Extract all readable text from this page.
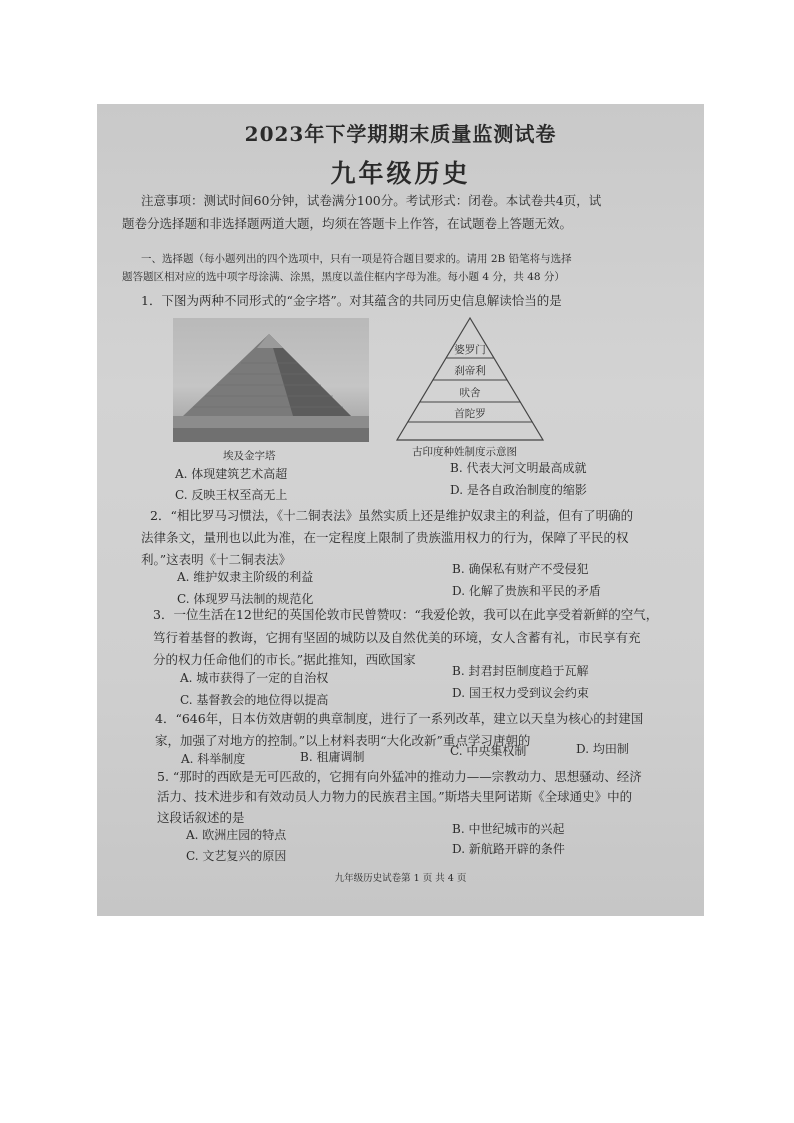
2023年下学期期末质量监测试卷
九年级历史
注意事项：测试时间60分钟，试卷满分100分。考试形式：闭卷。本试卷共4页，试
题卷分选择题和非选择题两道大题，均须在答题卡上作答，在试题卷上答题无效。
一、选择题（每小题列出的四个选项中，只有一项是符合题目要求的。请用 2B 铅笔将与选择
题答题区相对应的选中项字母涂满、涂黑，黑度以盖住框内字母为准。每小题 4 分，共 48 分）
1．下图为两种不同形式的“金字塔”。对其蕴含的共同历史信息解读恰当的是
婆罗门
刹帝利
吠舍
首陀罗
埃及金字塔	古印度种姓制度示意图
A. 体现建筑艺术高超	B. 代表大河文明最高成就
C. 反映王权至高无上	D. 是各自政治制度的缩影
2．“相比罗马习惯法，《十二铜表法》虽然实质上还是维护奴隶主的利益，但有了明确的
法律条文，量刑也以此为准，在一定程度上限制了贵族滥用权力的行为，保障了平民的权
利。”这表明《十二铜表法》
A. 维护奴隶主阶级的利益
B. 确保私有财产不受侵犯
C. 体现罗马法制的规范化
D. 化解了贵族和平民的矛盾
3．一位生活在12世纪的英国伦敦市民曾赞叹：“我爱伦敦，我可以在此享受着新鲜的空气，
笃行着基督的教诲，它拥有坚固的城防以及自然优美的环境，女人含蓄有礼，市民享有充
分的权力任命他们的市长。”据此推知，西欧国家
A. 城市获得了一定的自治权	B. 封君封臣制度趋于瓦解
C. 基督教会的地位得以提高	D. 国王权力受到议会约束
4．“646年，日本仿效唐朝的典章制度，进行了一系列改革，建立以天皇为核心的封建国
家，加强了对地方的控制。”以上材料表明“大化改新”重点学习唐朝的
A. 科举制度	B. 租庸调制	C. 中央集权制	D. 均田制
5. “那时的西欧是无可匹敌的，它拥有向外猛冲的推动力——宗教动力、思想骚动、经济
活力、技术进步和有效动员人力物力的民族君主国。”斯塔夫里阿诺斯《全球通史》中的
这段话叙述的是
A. 欧洲庄园的特点	B. 中世纪城市的兴起
C. 文艺复兴的原因	D. 新航路开辟的条件
九年级历史试卷第 1 页 共 4 页
